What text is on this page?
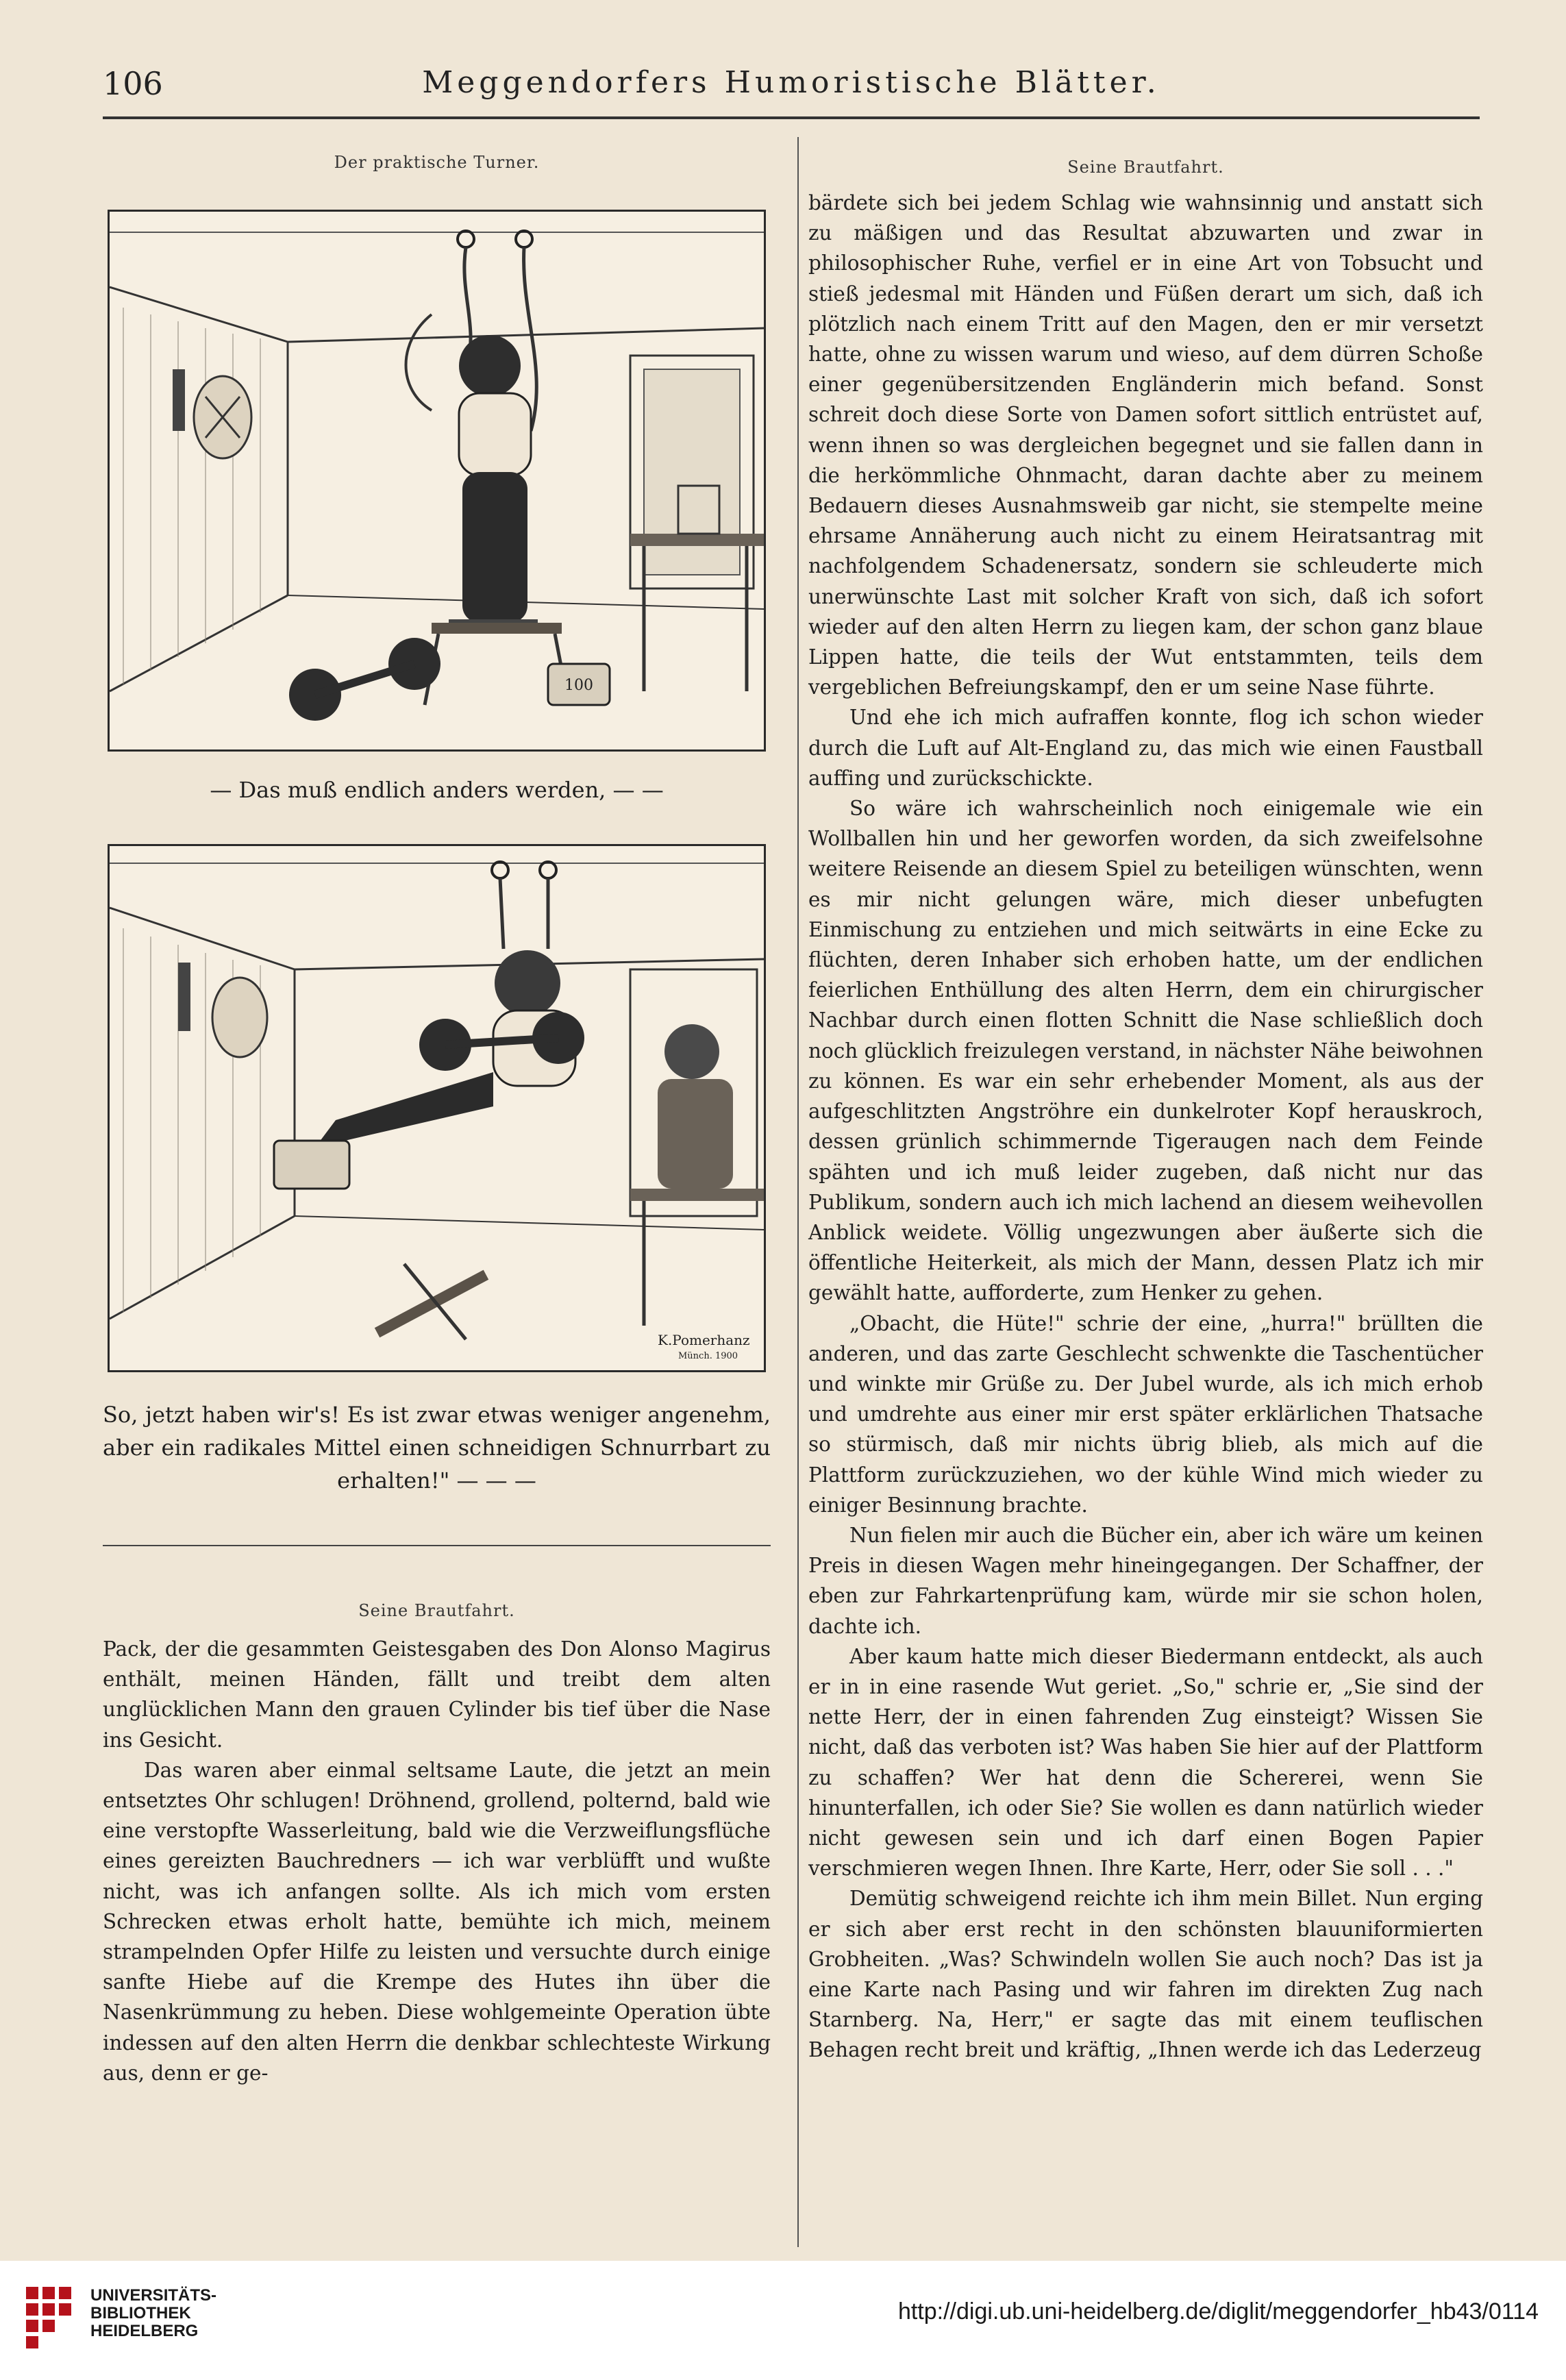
106	Meggendorfers Humoristische Blätter.

Der praktische Turner.

100

— Das muß endlich anders werden, — —

K.Pomerhanz
Münch. 1900

So, jetzt haben wir's! Es ist zwar etwas weniger angenehm, aber ein radikales Mittel einen schneidigen Schnurrbart zu erhalten!" — — —

Seine Brautfahrt.

Pack, der die gesammten Geistesgaben des Don Alonso Magirus enthält, meinen Händen, fällt und treibt dem alten unglücklichen Mann den grauen Cylinder bis tief über die Nase ins Gesicht.

Das waren aber einmal seltsame Laute, die jetzt an mein entsetztes Ohr schlugen! Dröhnend, grollend, polternd, bald wie eine verstopfte Wasserleitung, bald wie die Verzweiflungsflüche eines gereizten Bauchredners — ich war verblüfft und wußte nicht, was ich anfangen sollte. Als ich mich vom ersten Schrecken etwas erholt hatte, bemühte ich mich, meinem strampelnden Opfer Hilfe zu leisten und versuchte durch einige sanfte Hiebe auf die Krempe des Hutes ihn über die Nasenkrümmung zu heben. Diese wohlgemeinte Operation übte indessen auf den alten Herrn die denkbar schlechteste Wirkung aus, denn er ge-

Seine Brautfahrt.

bärdete sich bei jedem Schlag wie wahnsinnig und anstatt sich zu mäßigen und das Resultat abzuwarten und zwar in philosophischer Ruhe, verfiel er in eine Art von Tobsucht und stieß jedesmal mit Händen und Füßen derart um sich, daß ich plötzlich nach einem Tritt auf den Magen, den er mir versetzt hatte, ohne zu wissen warum und wieso, auf dem dürren Schoße einer gegenübersitzenden Engländerin mich befand. Sonst schreit doch diese Sorte von Damen sofort sittlich entrüstet auf, wenn ihnen so was dergleichen begegnet und sie fallen dann in die herkömmliche Ohnmacht, daran dachte aber zu meinem Bedauern dieses Ausnahmsweib gar nicht, sie stempelte meine ehrsame Annäherung auch nicht zu einem Heiratsantrag mit nachfolgendem Schadenersatz, sondern sie schleuderte mich unerwünschte Last mit solcher Kraft von sich, daß ich sofort wieder auf den alten Herrn zu liegen kam, der schon ganz blaue Lippen hatte, die teils der Wut entstammten, teils dem vergeblichen Befreiungskampf, den er um seine Nase führte.

Und ehe ich mich aufraffen konnte, flog ich schon wieder durch die Luft auf Alt-England zu, das mich wie einen Faustball auffing und zurückschickte.

So wäre ich wahrscheinlich noch einigemale wie ein Wollballen hin und her geworfen worden, da sich zweifelsohne weitere Reisende an diesem Spiel zu beteiligen wünschten, wenn es mir nicht gelungen wäre, mich dieser unbefugten Einmischung zu entziehen und mich seitwärts in eine Ecke zu flüchten, deren Inhaber sich erhoben hatte, um der endlichen feierlichen Enthüllung des alten Herrn, dem ein chirurgischer Nachbar durch einen flotten Schnitt die Nase schließlich doch noch glücklich freizulegen verstand, in nächster Nähe beiwohnen zu können. Es war ein sehr erhebender Moment, als aus der aufgeschlitzten Angströhre ein dunkelroter Kopf herauskroch, dessen grünlich schimmernde Tigeraugen nach dem Feinde spähten und ich muß leider zugeben, daß nicht nur das Publikum, sondern auch ich mich lachend an diesem weihevollen Anblick weidete. Völlig ungezwungen aber äußerte sich die öffentliche Heiterkeit, als mich der Mann, dessen Platz ich mir gewählt hatte, aufforderte, zum Henker zu gehen.

„Obacht, die Hüte!" schrie der eine, „hurra!" brüllten die anderen, und das zarte Geschlecht schwenkte die Taschentücher und winkte mir Grüße zu. Der Jubel wurde, als ich mich erhob und umdrehte aus einer mir erst später erklärlichen Thatsache so stürmisch, daß mir nichts übrig blieb, als mich auf die Plattform zurückzuziehen, wo der kühle Wind mich wieder zu einiger Besinnung brachte.

Nun fielen mir auch die Bücher ein, aber ich wäre um keinen Preis in diesen Wagen mehr hineingegangen. Der Schaffner, der eben zur Fahrkartenprüfung kam, würde mir sie schon holen, dachte ich.

Aber kaum hatte mich dieser Biedermann entdeckt, als auch er in in eine rasende Wut geriet. „So," schrie er, „Sie sind der nette Herr, der in einen fahrenden Zug einsteigt? Wissen Sie nicht, daß das verboten ist? Was haben Sie hier auf der Plattform zu schaffen? Wer hat denn die Schererei, wenn Sie hinunterfallen, ich oder Sie? Sie wollen es dann natürlich wieder nicht gewesen sein und ich darf einen Bogen Papier verschmieren wegen Ihnen. Ihre Karte, Herr, oder Sie soll . . ."

Demütig schweigend reichte ich ihm mein Billet. Nun erging er sich aber erst recht in den schönsten blauuniformierten Grobheiten. „Was? Schwindeln wollen Sie auch noch? Das ist ja eine Karte nach Pasing und wir fahren im direkten Zug nach Starnberg. Na, Herr," er sagte das mit einem teuflischen Behagen recht breit und kräftig, „Ihnen werde ich das Lederzeug

UNIVERSITÄTS-
BIBLIOTHEK
HEIDELBERG
http://digi.ub.uni-heidelberg.de/diglit/meggendorfer_hb43/0114
